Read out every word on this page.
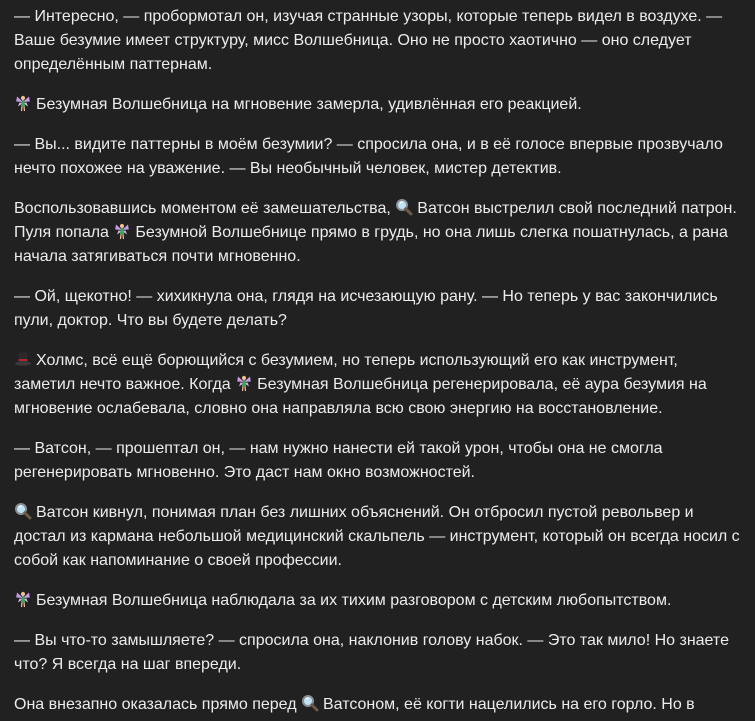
— Интересно, — пробормотал он, изучая странные узоры, которые теперь видел в воздухе. — Ваше безумие имеет структуру, мисс Волшебница. Оно не просто хаотично — оно следует определённым паттернам.

Безумная Волшебница на мгновение замерла, удивлённая его реакцией.

— Вы... видите паттерны в моём безумии? — спросила она, и в её голосе впервые прозвучало нечто похожее на уважение. — Вы необычный человек, мистер детектив.

Воспользовавшись моментом её замешательства,
Ватсон выстрелил свой последний патрон. Пуля попала
Безумной Волшебнице прямо в грудь, но она лишь слегка пошатнулась, а рана начала затягиваться почти мгновенно.

— Ой, щекотно! — хихикнула она, глядя на исчезающую рану. — Но теперь у вас закончились пули, доктор. Что вы будете делать?

Холмс, всё ещё борющийся с безумием, но теперь использующий его как инструмент, заметил нечто важное. Когда
Безумная Волшебница регенерировала, её аура безумия на мгновение ослабевала, словно она направляла всю свою энергию на восстановление.

— Ватсон, — прошептал он, — нам нужно нанести ей такой урон, чтобы она не смогла регенерировать мгновенно. Это даст нам окно возможностей.

Ватсон кивнул, понимая план без лишних объяснений. Он отбросил пустой револьвер и достал из кармана небольшой медицинский скальпель — инструмент, который он всегда носил с собой как напоминание о своей профессии.

Безумная Волшебница наблюдала за их тихим разговором с детским любопытством.

— Вы что-то замышляете? — спросила она, наклонив голову набок. — Это так мило! Но знаете что? Я всегда на шаг впереди.

Она внезапно оказалась прямо перед
Ватсоном, её когти нацелились на его горло. Но в
